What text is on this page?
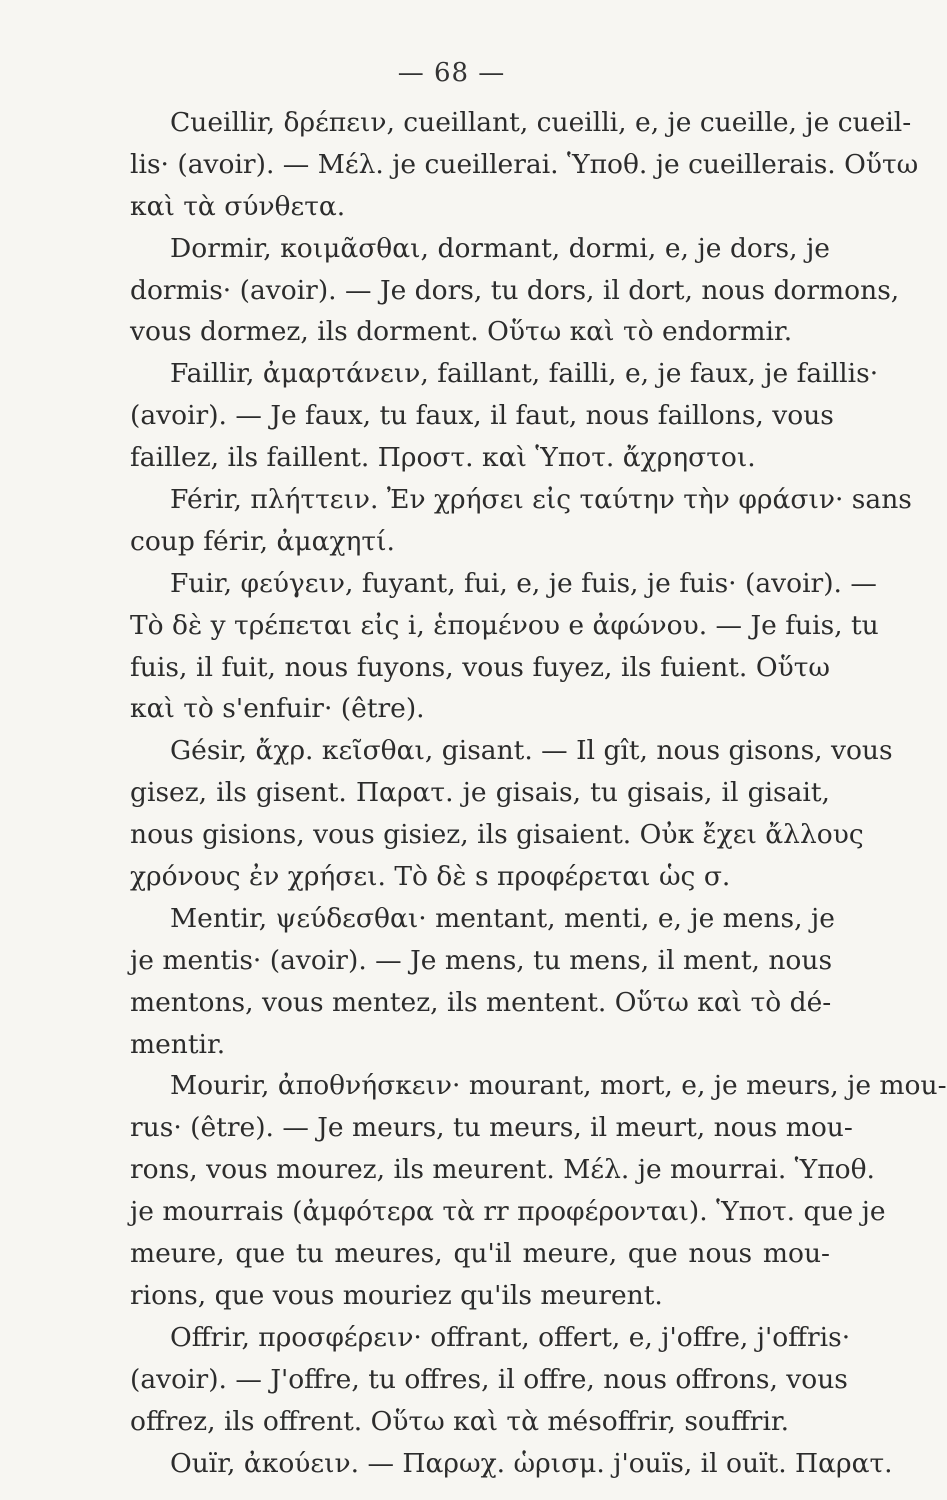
— 68 —
Cueillir, δρέπειν, cueillant, cueilli, e, je cueille, je cueil-
lis· (avoir). — Μέλ. je cueillerai. Ὑποθ. je cueillerais. Οὕτω
καὶ τὰ σύνθετα.
Dormir, κοιμᾶσθαι, dormant, dormi, e, je dors, je
dormis· (avoir). — Je dors, tu dors, il dort, nous dormons,
vous dormez, ils dorment. Οὕτω καὶ τὸ endormir.
Faillir, ἀμαρτάνειν, faillant, failli, e, je faux, je faillis·
(avoir). — Je faux, tu faux, il faut, nous faillons, vous
faillez, ils faillent. Προστ. καὶ Ὑποτ. ἄχρηστοι.
Férir, πλήττειν. Ἐν χρήσει εἰς ταύτην τὴν φράσιν· sans
coup férir, ἀμαχητί.
Fuir, φεύγειν, fuyant, fui, e, je fuis, je fuis· (avoir). —
Τὸ δὲ y τρέπεται εἰς i, ἑπομένου e ἀφώνου. — Je fuis, tu
fuis, il fuit, nous fuyons, vous fuyez, ils fuient. Οὕτω
καὶ τὸ s'enfuir· (être).
Gésir, ἄχρ. κεῖσθαι, gisant. — Il gît, nous gisons, vous
gisez, ils gisent. Παρατ. je gisais, tu gisais, il gisait,
nous gisions, vous gisiez, ils gisaient. Οὐκ ἔχει ἄλλους
χρόνους ἐν χρήσει. Τὸ δὲ s προφέρεται ὡς σ.
Mentir, ψεύδεσθαι· mentant, menti, e, je mens, je
je mentis· (avoir). — Je mens, tu mens, il ment, nous
mentons, vous mentez, ils mentent. Οὕτω καὶ τὸ dé-
mentir.
Mourir, ἀποθνήσκειν· mourant, mort, e, je meurs, je mou-
rus· (être). — Je meurs, tu meurs, il meurt, nous mou-
rons, vous mourez, ils meurent. Μέλ. je mourrai. Ὑποθ.
je mourrais (ἀμφότερα τὰ rr προφέρονται). Ὑποτ. que je
meure, que tu meures, qu'il meure, que nous mou-
rions, que vous mouriez qu'ils meurent.
Offrir, προσφέρειν· offrant, offert, e, j'offre, j'offris·
(avoir). — J'offre, tu offres, il offre, nous offrons, vous
offrez, ils offrent. Οὕτω καὶ τὰ mésoffrir, souffrir.
Ouïr, ἀκούειν. — Παρωχ. ὡρισμ. j'ouïs, il ouït. Παρατ.
